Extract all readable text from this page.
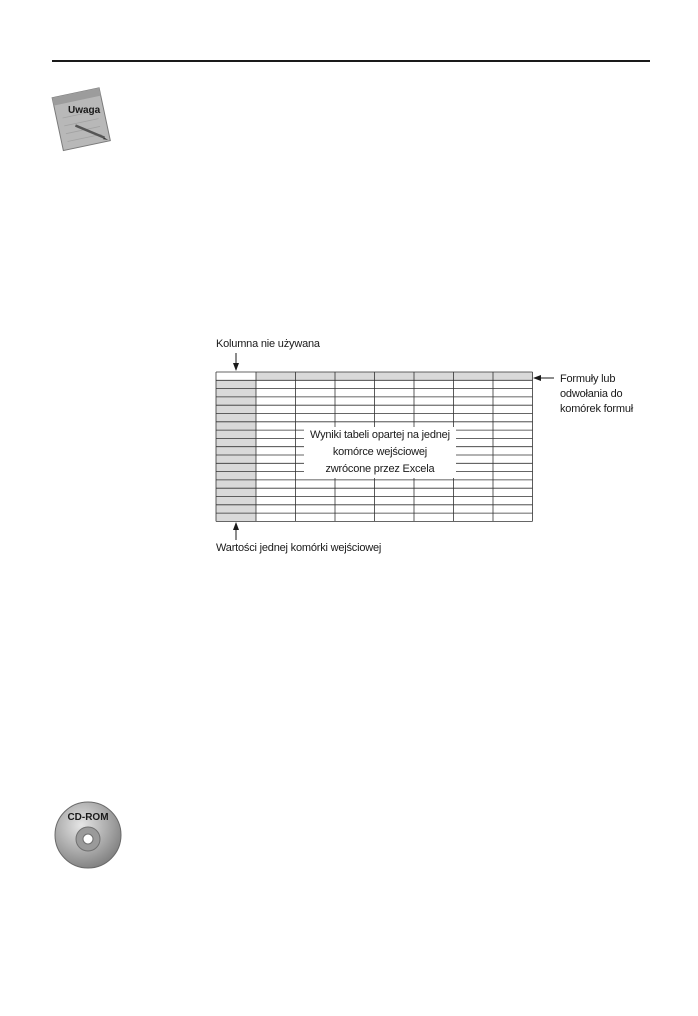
Uwaga
Kolumna nie używana
Formuły lub
odwołania do
komórek formuł
Wyniki tabeli opartej na jednej
komórce wejściowej
zwrócone przez Excela
Wartości jednej komórki wejściowej
CD-ROM
